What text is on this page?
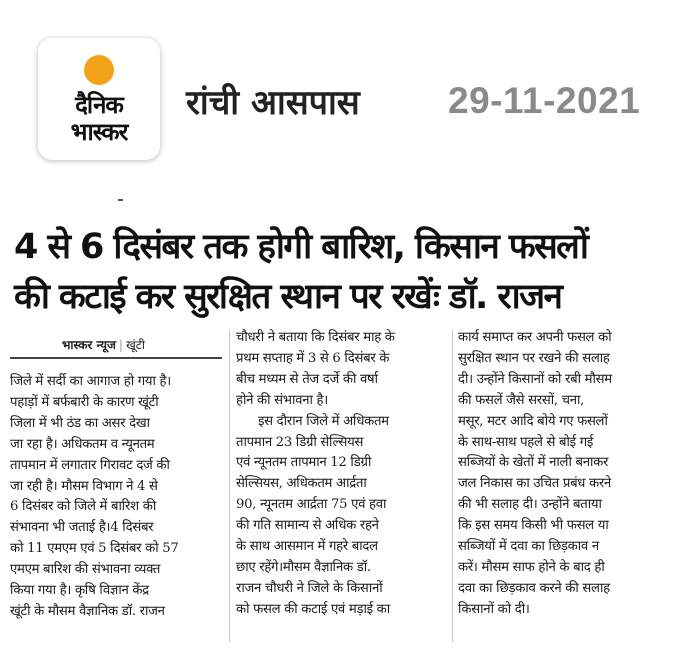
दैनिक
भास्कर
रांची आसपास 29-11-2021
4 से 6 दिसंबर तक होगी बारिश, किसान फसलों
की कटाई कर सुरक्षित स्थान पर रखेंः डॉ. राजन
भास्कर न्यूज | खूंटी
जिले में सर्दी का आगाज हो गया है।
पहाड़ों में बर्फबारी के कारण खूंटी
जिला में भी ठंड का असर देखा
जा रहा है। अधिकतम व न्यूनतम
तापमान में लगातार गिरावट दर्ज की
जा रही है। मौसम विभाग ने 4 से
6 दिसंबर को जिले में बारिश की
संभावना भी जताई है।4 दिसंबर
को 11 एमएम एवं 5 दिसंबर को 57
एमएम बारिश की संभावना व्यक्त
किया गया है। कृषि विज्ञान केंद्र
खूंटी के मौसम वैज्ञानिक डॉ. राजन
चौधरी ने बताया कि दिसंबर माह के
प्रथम सप्ताह में 3 से 6 दिसंबर के
बीच मध्यम से तेज दर्जे की वर्षा
होने की संभावना है।
इस दौरान जिले में अधिकतम
तापमान 23 डिग्री सेल्सियस
एवं न्यूनतम तापमान 12 डिग्री
सेल्सियस, अधिकतम आर्द्रता
90, न्यूनतम आर्द्रता 75 एवं हवा
की गति सामान्य से अधिक रहने
के साथ आसमान में गहरे बादल
छाए रहेंगे।मौसम वैज्ञानिक डॉ.
राजन चौधरी ने जिले के किसानों
को फसल की कटाई एवं मड़ाई का
कार्य समाप्त कर अपनी फसल को
सुरक्षित स्थान पर रखने की सलाह
दी। उन्होंने किसानों को रबी मौसम
की फसलें जैसे सरसों, चना,
मसूर, मटर आदि बोये गए फसलों
के साथ-साथ पहले से बोई गई
सब्जियों के खेतों में नाली बनाकर
जल निकास का उचित प्रबंध करने
की भी सलाह दी। उन्होंने बताया
कि इस समय किसी भी फसल या
सब्जियों में दवा का छिड़काव न
करें। मौसम साफ होने के बाद ही
दवा का छिड़काव करने की सलाह
किसानों को दी।
